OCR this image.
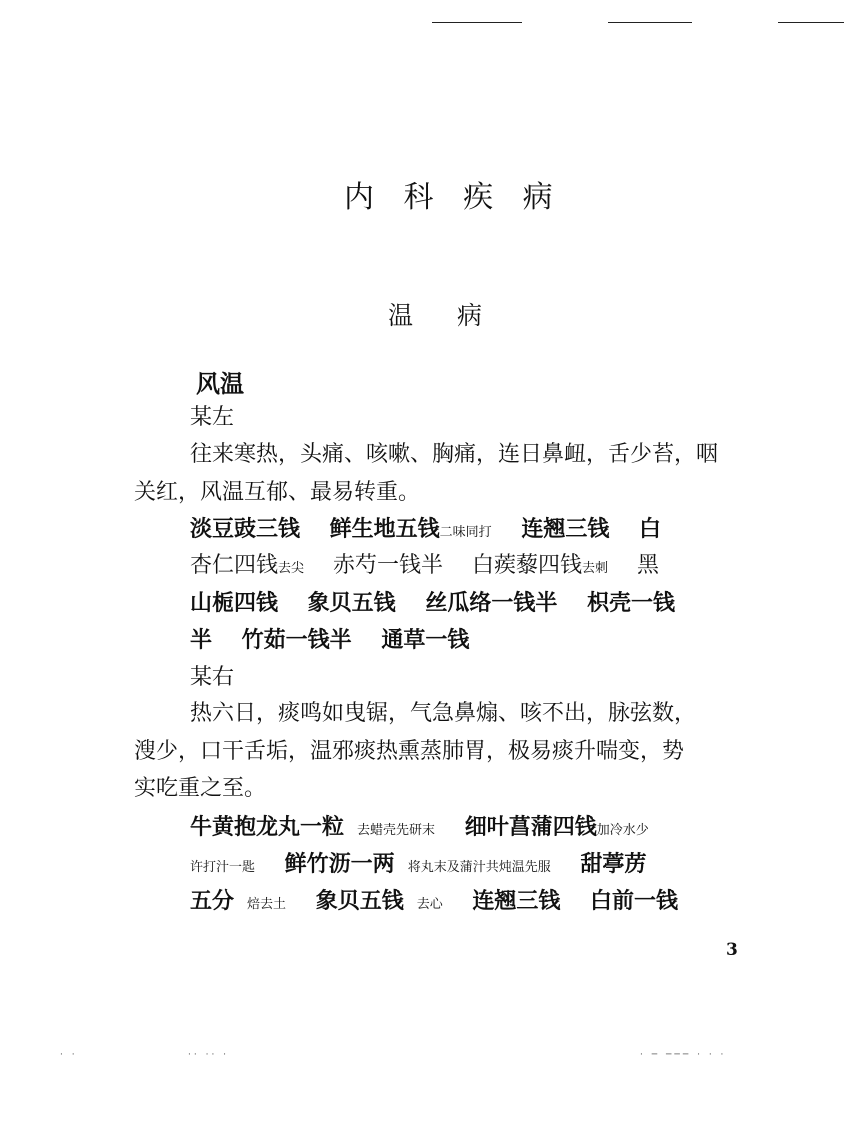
内 科 疾 病
温 病
风温
某左
往来寒热，头痛、咳嗽、胸痛，连日鼻衄，舌少苔，咽
关红，风温互郁、最易转重。
淡豆豉三钱　 鲜生地五钱二味同打　 连翘三钱　 白
杏仁四钱去尖　 赤芍一钱半　 白蒺藜四钱去刺　 黑
山栀四钱　 象贝五钱　 丝瓜络一钱半　 枳壳一钱
半　 竹茹一钱半　 通草一钱
某右
热六日，痰鸣如曳锯，气急鼻煽、咳不出，脉弦数，
溲少，口干舌垢，温邪痰热熏蒸肺胃，极易痰升喘变，势
实吃重之至。
牛黄抱龙丸一粒　去蜡壳先研末　 细叶菖蒲四钱加冷水少
许打汁一匙　 鲜竹沥一两　将丸末及蒲汁共炖温先服　 甜葶苈
五分　焙去土　 象贝五钱　去心　 连翘三钱　 白前一钱
3
· ·	·· ·· ·	· ─ ─── · · ·
